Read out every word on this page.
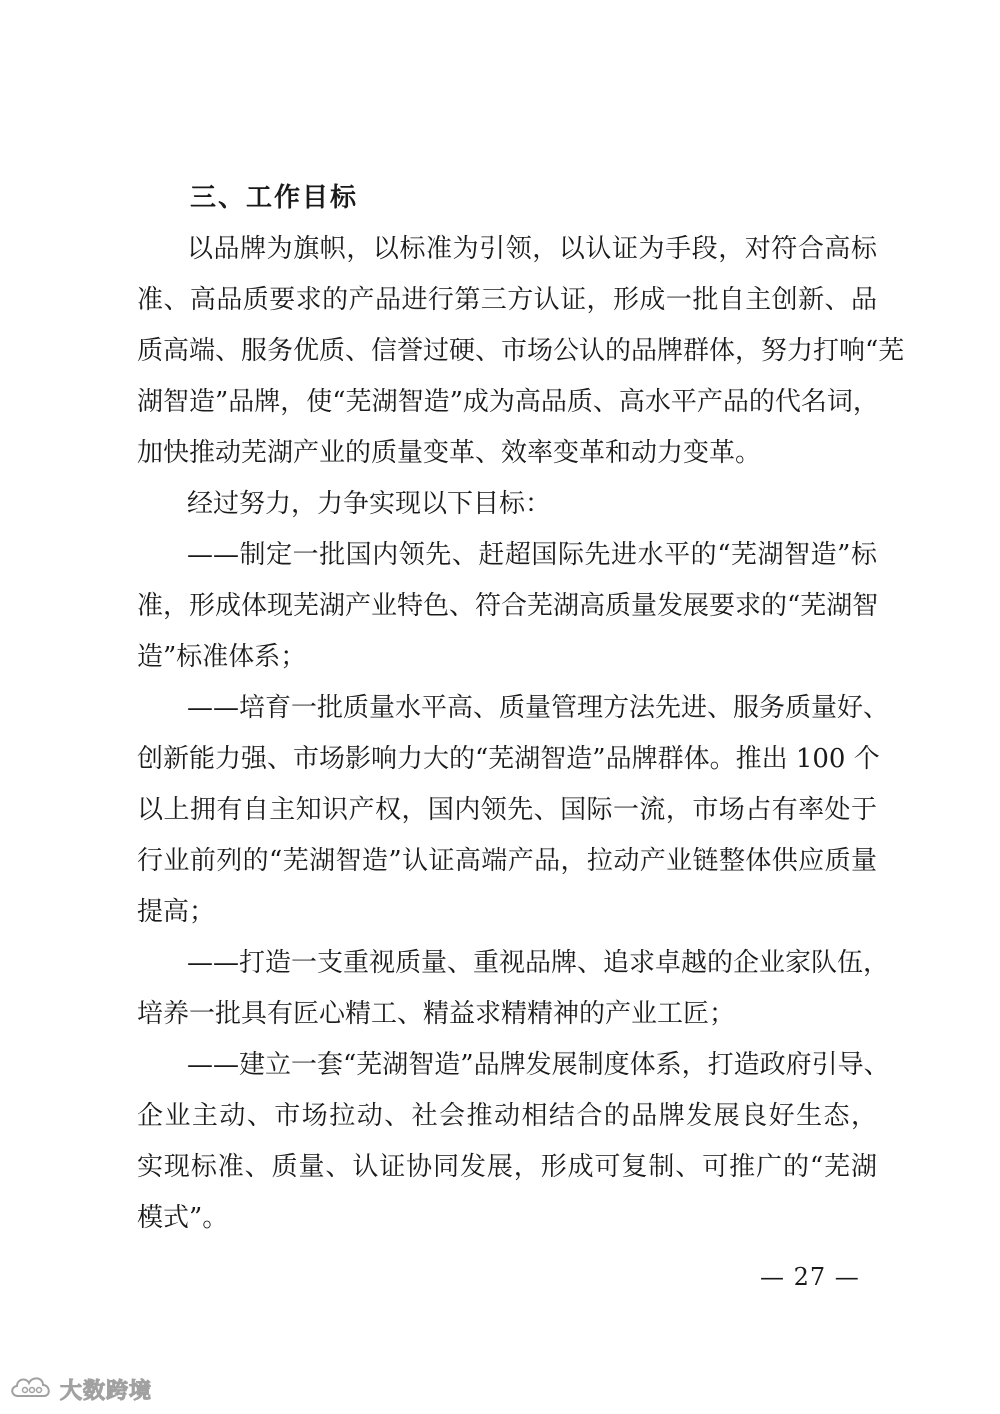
三、工作目标
以品牌为旗帜，以标准为引领，以认证为手段，对符合高标
准、高品质要求的产品进行第三方认证，形成一批自主创新、品
质高端、服务优质、信誉过硬、市场公认的品牌群体，努力打响“芜
湖智造”品牌，使“芜湖智造”成为高品质、高水平产品的代名词，
加快推动芜湖产业的质量变革、效率变革和动力变革。
经过努力，力争实现以下目标：
——制定一批国内领先、赶超国际先进水平的“芜湖智造”标
准，形成体现芜湖产业特色、符合芜湖高质量发展要求的“芜湖智
造”标准体系；
——培育一批质量水平高、质量管理方法先进、服务质量好、
创新能力强、市场影响力大的“芜湖智造”品牌群体。推出 100 个
以上拥有自主知识产权，国内领先、国际一流，市场占有率处于
行业前列的“芜湖智造”认证高端产品，拉动产业链整体供应质量
提高；
——打造一支重视质量、重视品牌、追求卓越的企业家队伍，
培养一批具有匠心精工、精益求精精神的产业工匠；
——建立一套“芜湖智造”品牌发展制度体系，打造政府引导、
企业主动、市场拉动、社会推动相结合的品牌发展良好生态，
实现标准、质量、认证协同发展，形成可复制、可推广的“芜湖
模式”。
— 27 —
大数跨境
